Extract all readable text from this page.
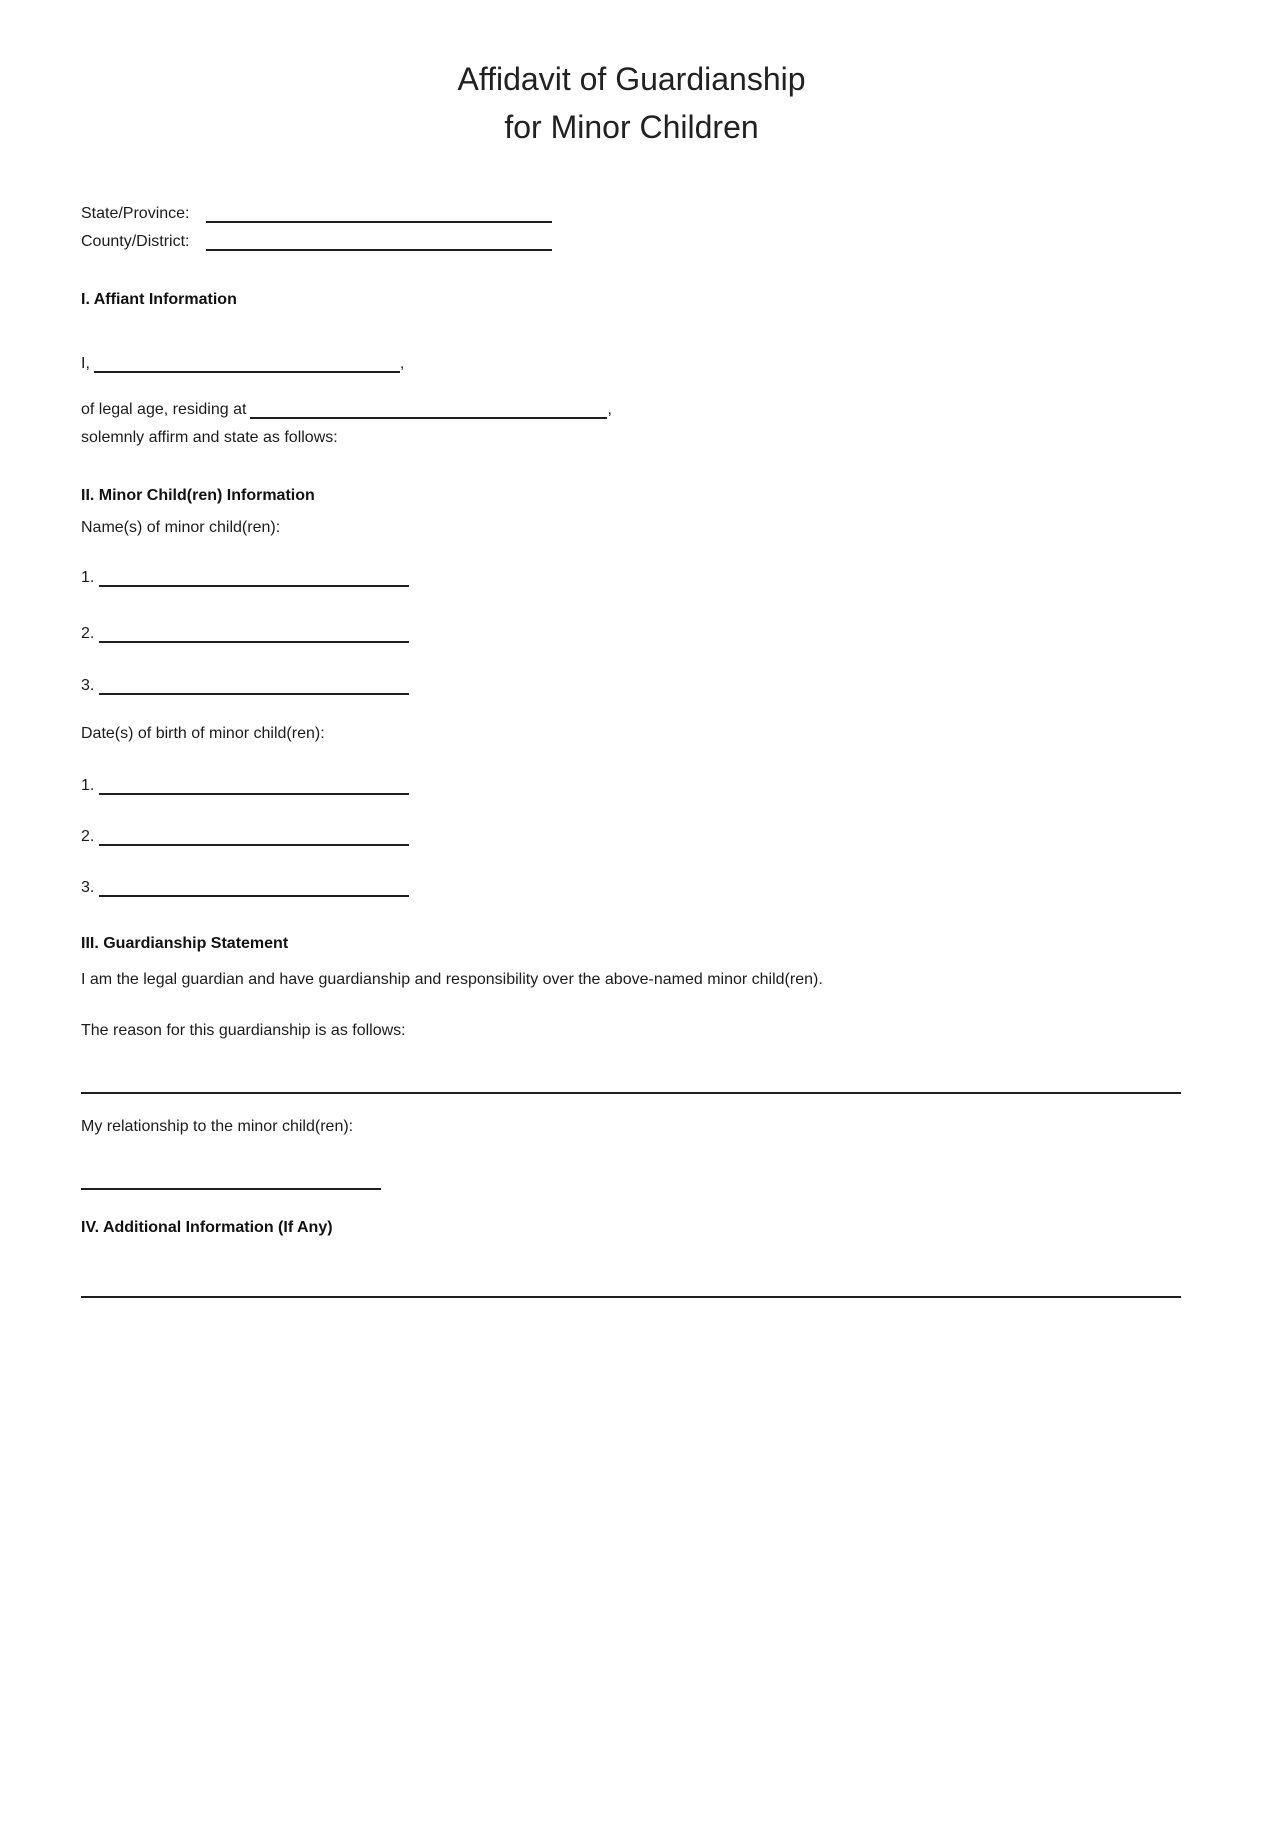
Affidavit of Guardianship
for Minor Children
State/Province:
County/District:
I. Affiant Information
I,	,
of legal age, residing at	,
solemnly affirm and state as follows:
II. Minor Child(ren) Information
Name(s) of minor child(ren):
1.
2.
3.
Date(s) of birth of minor child(ren):
1.
2.
3.
III. Guardianship Statement
I am the legal guardian and have guardianship and responsibility over the above-named minor child(ren).
The reason for this guardianship is as follows:
My relationship to the minor child(ren):
IV. Additional Information (If Any)
